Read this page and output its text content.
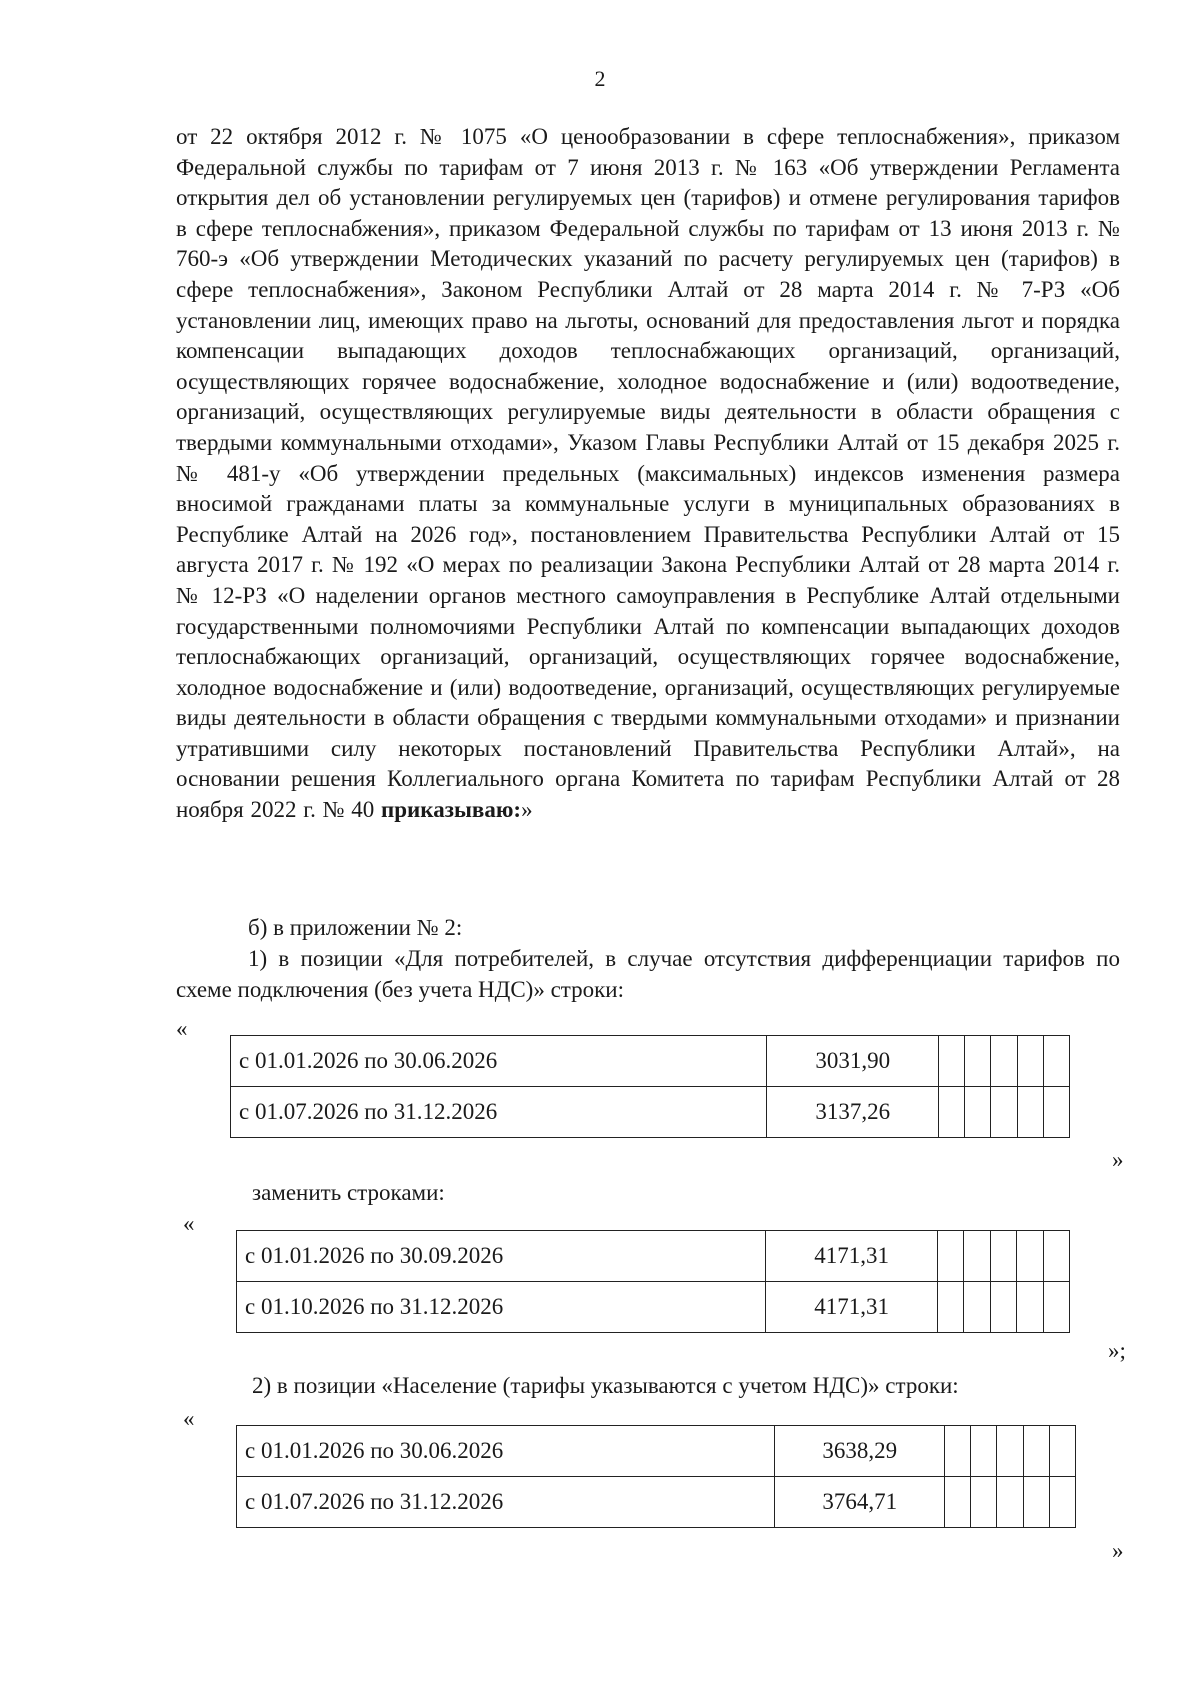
2

от 22 октября 2012 г. № 1075 «О ценообразовании в сфере теплоснабжения», приказом Федеральной службы по тарифам от 7 июня 2013 г. № 163 «Об утверждении Регламента открытия дел об установлении регулируемых цен (тарифов) и отмене регулирования тарифов в сфере теплоснабжения», приказом Федеральной службы по тарифам от 13 июня 2013 г. № 760-э «Об утверждении Методических указаний по расчету регулируемых цен (тарифов) в сфере теплоснабжения», Законом Республики Алтай от 28 марта 2014 г. № 7-РЗ «Об установлении лиц, имеющих право на льготы, оснований для предоставления льгот и порядка компенсации выпадающих доходов теплоснабжающих организаций, организаций, осуществляющих горячее водоснабжение, холодное водоснабжение и (или) водоотведение, организаций, осуществляющих регулируемые виды деятельности в области обращения с твердыми коммунальными отходами», Указом Главы Республики Алтай от 15 декабря 2025 г. № 481-у «Об утверждении предельных (максимальных) индексов изменения размера вносимой гражданами платы за коммунальные услуги в муниципальных образованиях в Республике Алтай на 2026 год», постановлением Правительства Республики Алтай от 15 августа 2017 г. № 192 «О мерах по реализации Закона Республики Алтай от 28 марта 2014 г. № 12-РЗ «О наделении органов местного самоуправления в Республике Алтай отдельными государственными полномочиями Республики Алтай по компенсации выпадающих доходов теплоснабжающих организаций, организаций, осуществляющих горячее водоснабжение, холодное водоснабжение и (или) водоотведение, организаций, осуществляющих регулируемые виды деятельности в области обращения с твердыми коммунальными отходами» и признании утратившими силу некоторых постановлений Правительства Республики Алтай», на основании решения Коллегиального органа Комитета по тарифам Республики Алтай от 28 ноября 2022 г. № 40 приказываю:»

б) в приложении № 2:

1) в позиции «Для потребителей, в случае отсутствия дифференциации тарифов по схеме подключения (без учета НДС)» строки:

«
с 01.01.2026 по 30.06.2026	3031,90					
с 01.07.2026 по 31.12.2026	3137,26					
»

заменить строками:

«
с 01.01.2026 по 30.09.2026	4171,31					
с 01.10.2026 по 31.12.2026	4171,31					
»;

2) в позиции «Население (тарифы указываются с учетом НДС)» строки:

«
с 01.01.2026 по 30.06.2026	3638,29					
с 01.07.2026 по 31.12.2026	3764,71					
»
